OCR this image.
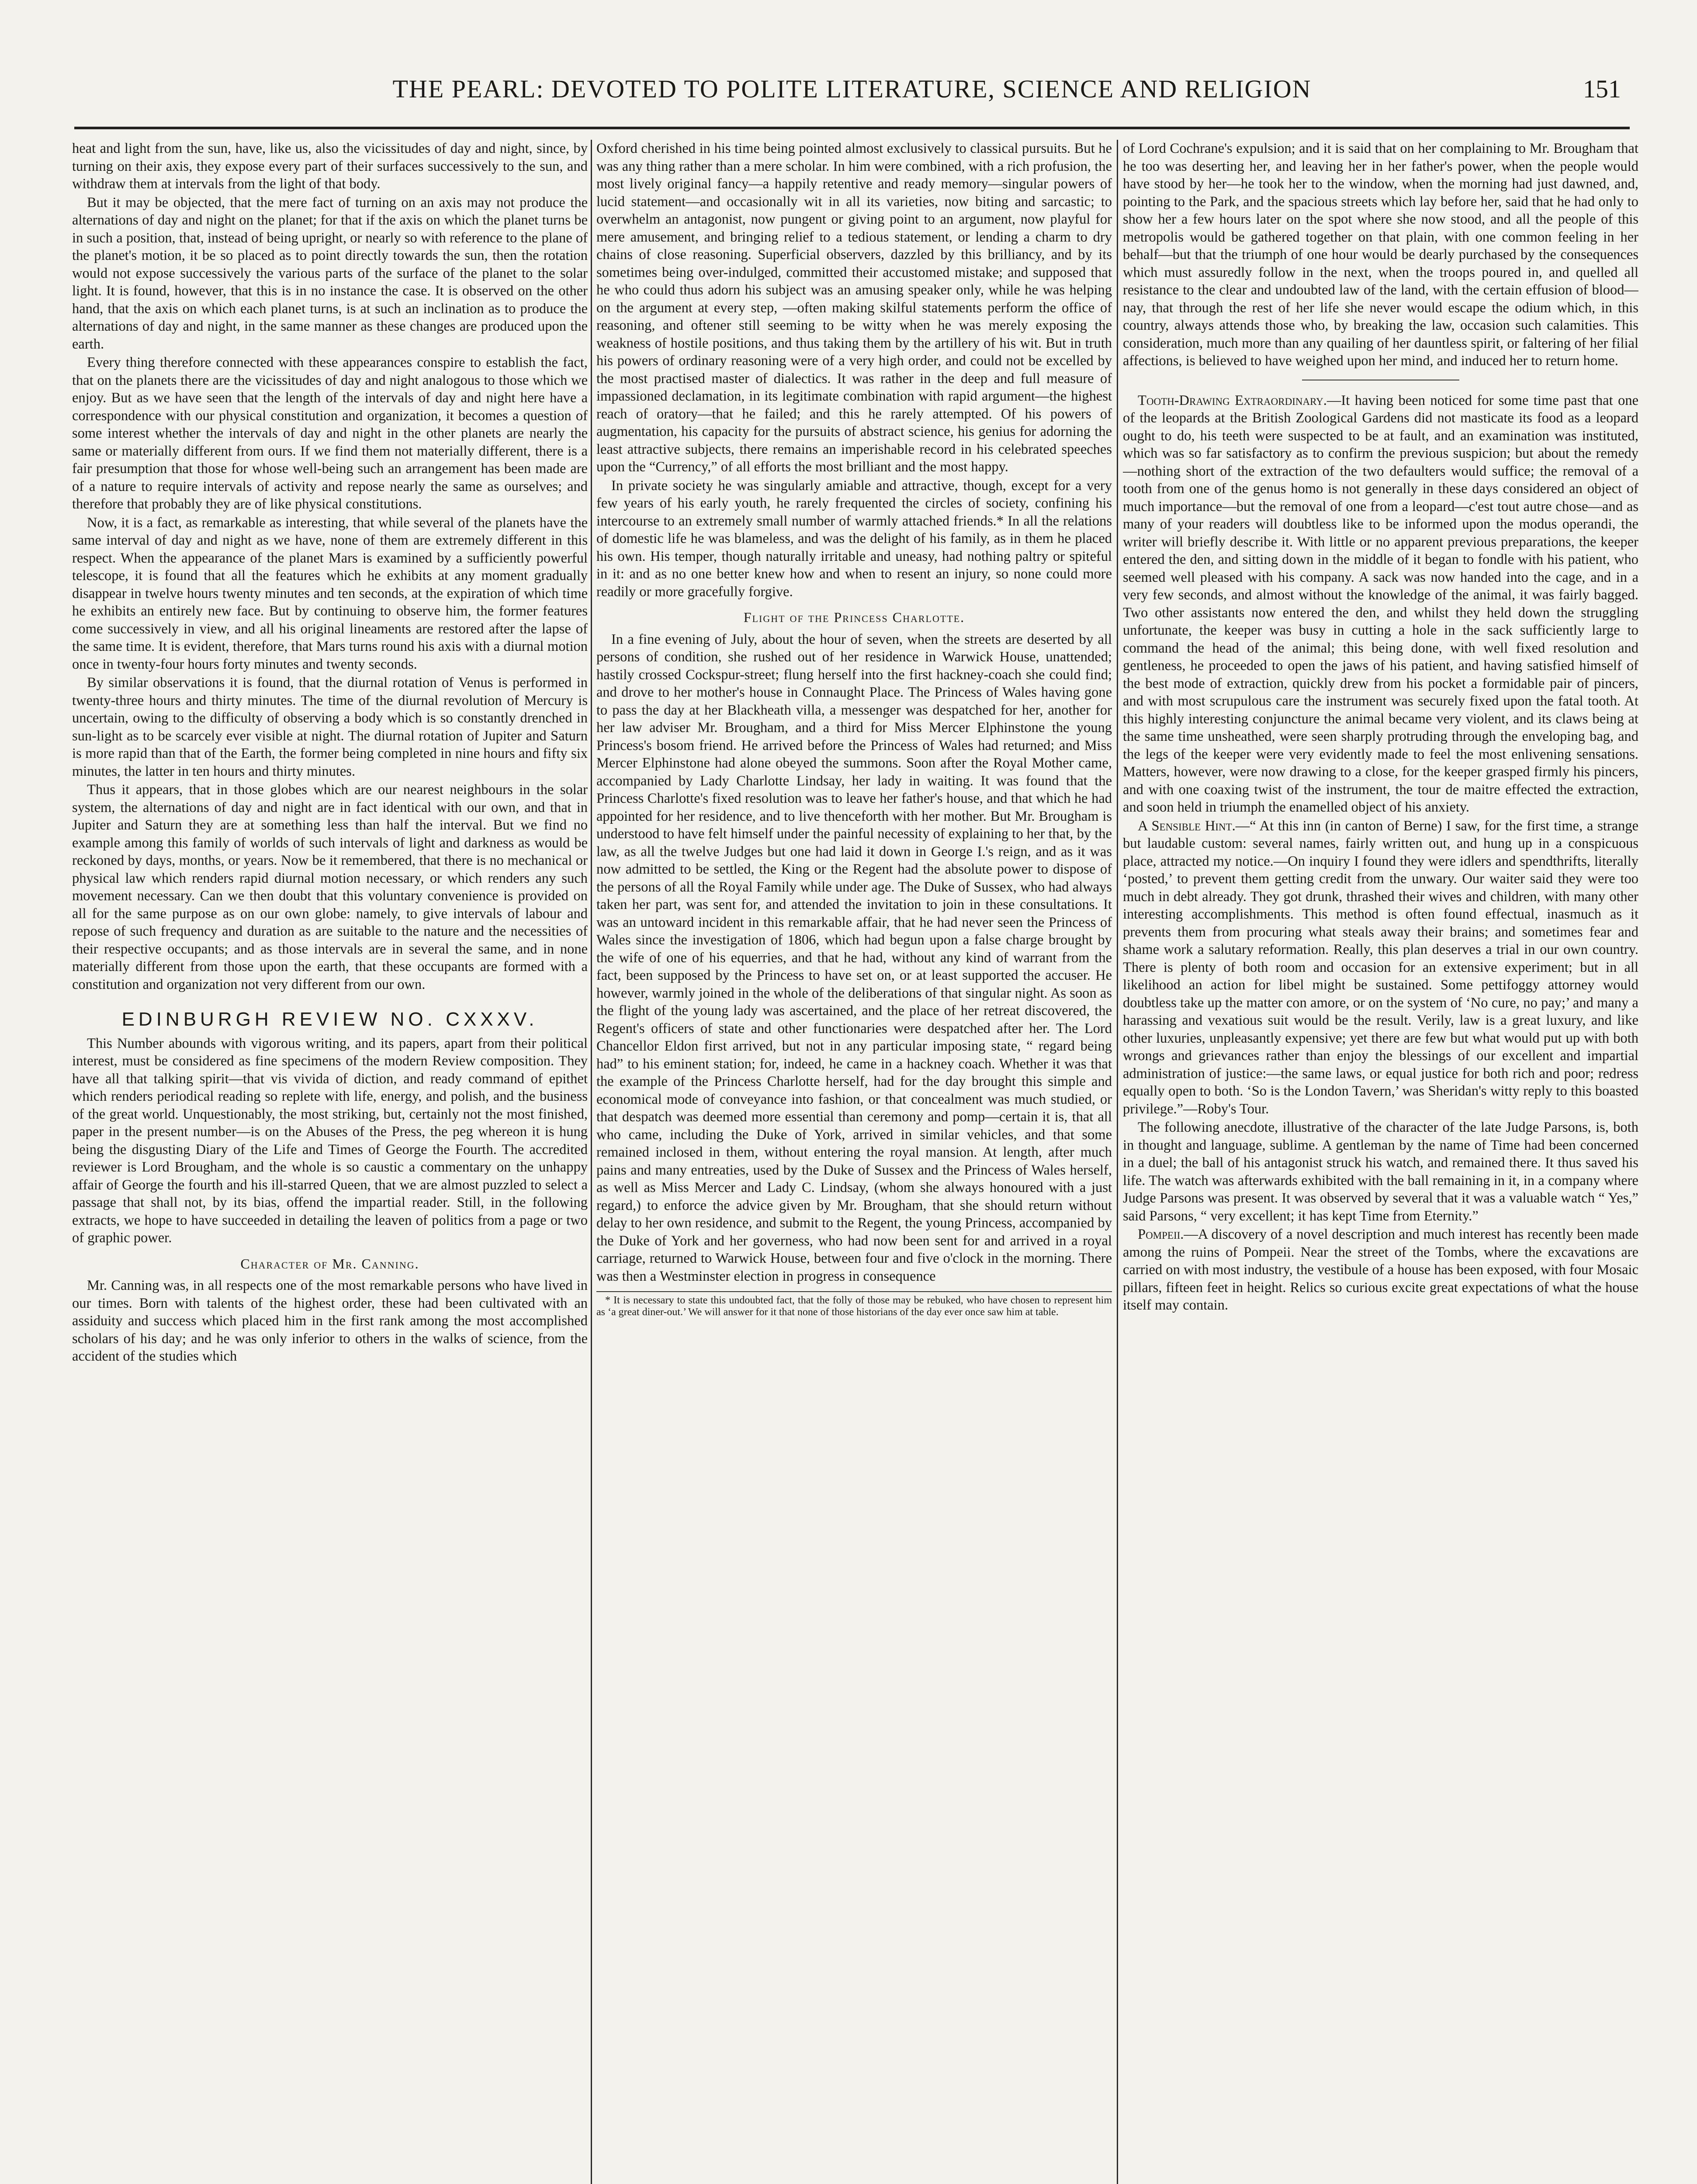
THE PEARL: DEVOTED TO POLITE LITERATURE, SCIENCE AND RELIGION	151

heat and light from the sun, have, like us, also the vicissitudes of day and night, since, by turning on their axis, they expose every part of their surfaces successively to the sun, and withdraw them at intervals from the light of that body.

But it may be objected, that the mere fact of turning on an axis may not produce the alternations of day and night on the planet; for that if the axis on which the planet turns be in such a position, that, instead of being upright, or nearly so with reference to the plane of the planet's motion, it be so placed as to point directly towards the sun, then the rotation would not expose successively the various parts of the surface of the planet to the solar light. It is found, however, that this is in no instance the case. It is observed on the other hand, that the axis on which each planet turns, is at such an inclination as to produce the alternations of day and night, in the same manner as these changes are produced upon the earth.

Every thing therefore connected with these appearances conspire to establish the fact, that on the planets there are the vicissitudes of day and night analogous to those which we enjoy. But as we have seen that the length of the intervals of day and night here have a correspondence with our physical constitution and organization, it becomes a question of some interest whether the intervals of day and night in the other planets are nearly the same or materially different from ours. If we find them not materially different, there is a fair presumption that those for whose well-being such an arrangement has been made are of a nature to require intervals of activity and repose nearly the same as ourselves; and therefore that probably they are of like physical constitutions.

Now, it is a fact, as remarkable as interesting, that while several of the planets have the same interval of day and night as we have, none of them are extremely different in this respect. When the appearance of the planet Mars is examined by a sufficiently powerful telescope, it is found that all the features which he exhibits at any moment gradually disappear in twelve hours twenty minutes and ten seconds, at the expiration of which time he exhibits an entirely new face. But by continuing to observe him, the former features come successively in view, and all his original lineaments are restored after the lapse of the same time. It is evident, therefore, that Mars turns round his axis with a diurnal motion once in twenty-four hours forty minutes and twenty seconds.

By similar observations it is found, that the diurnal rotation of Venus is performed in twenty-three hours and thirty minutes. The time of the diurnal revolution of Mercury is uncertain, owing to the difficulty of observing a body which is so constantly drenched in sun-light as to be scarcely ever visible at night. The diurnal rotation of Jupiter and Saturn is more rapid than that of the Earth, the former being completed in nine hours and fifty six minutes, the latter in ten hours and thirty minutes.

Thus it appears, that in those globes which are our nearest neighbours in the solar system, the alternations of day and night are in fact identical with our own, and that in Jupiter and Saturn they are at something less than half the interval. But we find no example among this family of worlds of such intervals of light and darkness as would be reckoned by days, months, or years. Now be it remembered, that there is no mechanical or physical law which renders rapid diurnal motion necessary, or which renders any such movement necessary. Can we then doubt that this voluntary convenience is provided on all for the same purpose as on our own globe: namely, to give intervals of labour and repose of such frequency and duration as are suitable to the nature and the necessities of their respective occupants; and as those intervals are in several the same, and in none materially different from those upon the earth, that these occupants are formed with a constitution and organization not very different from our own.

EDINBURGH REVIEW NO. CXXXV.

This Number abounds with vigorous writing, and its papers, apart from their political interest, must be considered as fine specimens of the modern Review composition. They have all that talking spirit—that vis vivida of diction, and ready command of epithet which renders periodical reading so replete with life, energy, and polish, and the business of the great world. Unquestionably, the most striking, but, certainly not the most finished, paper in the present number—is on the Abuses of the Press, the peg whereon it is hung being the disgusting Diary of the Life and Times of George the Fourth. The accredited reviewer is Lord Brougham, and the whole is so caustic a commentary on the unhappy affair of George the fourth and his ill-starred Queen, that we are almost puzzled to select a passage that shall not, by its bias, offend the impartial reader. Still, in the following extracts, we hope to have succeeded in detailing the leaven of politics from a page or two of graphic power.

Character of Mr. Canning.

Mr. Canning was, in all respects one of the most remarkable persons who have lived in our times. Born with talents of the highest order, these had been cultivated with an assiduity and success which placed him in the first rank among the most accomplished scholars of his day; and he was only inferior to others in the walks of science, from the accident of the studies which

Oxford cherished in his time being pointed almost exclusively to classical pursuits. But he was any thing rather than a mere scholar. In him were combined, with a rich profusion, the most lively original fancy—a happily retentive and ready memory—singular powers of lucid statement—and occasionally wit in all its varieties, now biting and sarcastic; to overwhelm an antagonist, now pungent or giving point to an argument, now playful for mere amusement, and bringing relief to a tedious statement, or lending a charm to dry chains of close reasoning. Superficial observers, dazzled by this brilliancy, and by its sometimes being over-indulged, committed their accustomed mistake; and supposed that he who could thus adorn his subject was an amusing speaker only, while he was helping on the argument at every step, —often making skilful statements perform the office of reasoning, and oftener still seeming to be witty when he was merely exposing the weakness of hostile positions, and thus taking them by the artillery of his wit. But in truth his powers of ordinary reasoning were of a very high order, and could not be excelled by the most practised master of dialectics. It was rather in the deep and full measure of impassioned declamation, in its legitimate combination with rapid argument—the highest reach of oratory—that he failed; and this he rarely attempted. Of his powers of augmentation, his capacity for the pursuits of abstract science, his genius for adorning the least attractive subjects, there remains an imperishable record in his celebrated speeches upon the “Currency,” of all efforts the most brilliant and the most happy.

In private society he was singularly amiable and attractive, though, except for a very few years of his early youth, he rarely frequented the circles of society, confining his intercourse to an extremely small number of warmly attached friends.* In all the relations of domestic life he was blameless, and was the delight of his family, as in them he placed his own. His temper, though naturally irritable and uneasy, had nothing paltry or spiteful in it: and as no one better knew how and when to resent an injury, so none could more readily or more gracefully forgive.

Flight of the Princess Charlotte.

In a fine evening of July, about the hour of seven, when the streets are deserted by all persons of condition, she rushed out of her residence in Warwick House, unattended; hastily crossed Cockspur-street; flung herself into the first hackney-coach she could find; and drove to her mother's house in Connaught Place. The Princess of Wales having gone to pass the day at her Blackheath villa, a messenger was despatched for her, another for her law adviser Mr. Brougham, and a third for Miss Mercer Elphinstone the young Princess's bosom friend. He arrived before the Princess of Wales had returned; and Miss Mercer Elphinstone had alone obeyed the summons. Soon after the Royal Mother came, accompanied by Lady Charlotte Lindsay, her lady in waiting. It was found that the Princess Charlotte's fixed resolution was to leave her father's house, and that which he had appointed for her residence, and to live thenceforth with her mother. But Mr. Brougham is understood to have felt himself under the painful necessity of explaining to her that, by the law, as all the twelve Judges but one had laid it down in George I.'s reign, and as it was now admitted to be settled, the King or the Regent had the absolute power to dispose of the persons of all the Royal Family while under age. The Duke of Sussex, who had always taken her part, was sent for, and attended the invitation to join in these consultations. It was an untoward incident in this remarkable affair, that he had never seen the Princess of Wales since the investigation of 1806, which had begun upon a false charge brought by the wife of one of his equerries, and that he had, without any kind of warrant from the fact, been supposed by the Princess to have set on, or at least supported the accuser. He however, warmly joined in the whole of the deliberations of that singular night. As soon as the flight of the young lady was ascertained, and the place of her retreat discovered, the Regent's officers of state and other functionaries were despatched after her. The Lord Chancellor Eldon first arrived, but not in any particular imposing state, “ regard being had” to his eminent station; for, indeed, he came in a hackney coach. Whether it was that the example of the Princess Charlotte herself, had for the day brought this simple and economical mode of conveyance into fashion, or that concealment was much studied, or that despatch was deemed more essential than ceremony and pomp—certain it is, that all who came, including the Duke of York, arrived in similar vehicles, and that some remained inclosed in them, without entering the royal mansion. At length, after much pains and many entreaties, used by the Duke of Sussex and the Princess of Wales herself, as well as Miss Mercer and Lady C. Lindsay, (whom she always honoured with a just regard,) to enforce the advice given by Mr. Brougham, that she should return without delay to her own residence, and submit to the Regent, the young Princess, accompanied by the Duke of York and her governess, who had now been sent for and arrived in a royal carriage, returned to Warwick House, between four and five o'clock in the morning. There was then a Westminster election in progress in consequence

* It is necessary to state this undoubted fact, that the folly of those may be rebuked, who have chosen to represent him as ‘a great diner-out.’ We will answer for it that none of those historians of the day ever once saw him at table.

of Lord Cochrane's expulsion; and it is said that on her complaining to Mr. Brougham that he too was deserting her, and leaving her in her father's power, when the people would have stood by her—he took her to the window, when the morning had just dawned, and, pointing to the Park, and the spacious streets which lay before her, said that he had only to show her a few hours later on the spot where she now stood, and all the people of this metropolis would be gathered together on that plain, with one common feeling in her behalf—but that the triumph of one hour would be dearly purchased by the consequences which must assuredly follow in the next, when the troops poured in, and quelled all resistance to the clear and undoubted law of the land, with the certain effusion of blood—nay, that through the rest of her life she never would escape the odium which, in this country, always attends those who, by breaking the law, occasion such calamities. This consideration, much more than any quailing of her dauntless spirit, or faltering of her filial affections, is believed to have weighed upon her mind, and induced her to return home.

Tooth-Drawing Extraordinary.—It having been noticed for some time past that one of the leopards at the British Zoological Gardens did not masticate its food as a leopard ought to do, his teeth were suspected to be at fault, and an examination was instituted, which was so far satisfactory as to confirm the previous suspicion; but about the remedy—nothing short of the extraction of the two defaulters would suffice; the removal of a tooth from one of the genus homo is not generally in these days considered an object of much importance—but the removal of one from a leopard—c'est tout autre chose—and as many of your readers will doubtless like to be informed upon the modus operandi, the writer will briefly describe it. With little or no apparent previous preparations, the keeper entered the den, and sitting down in the middle of it began to fondle with his patient, who seemed well pleased with his company. A sack was now handed into the cage, and in a very few seconds, and almost without the knowledge of the animal, it was fairly bagged. Two other assistants now entered the den, and whilst they held down the struggling unfortunate, the keeper was busy in cutting a hole in the sack sufficiently large to command the head of the animal; this being done, with well fixed resolution and gentleness, he proceeded to open the jaws of his patient, and having satisfied himself of the best mode of extraction, quickly drew from his pocket a formidable pair of pincers, and with most scrupulous care the instrument was securely fixed upon the fatal tooth. At this highly interesting conjuncture the animal became very violent, and its claws being at the same time unsheathed, were seen sharply protruding through the enveloping bag, and the legs of the keeper were very evidently made to feel the most enlivening sensations. Matters, however, were now drawing to a close, for the keeper grasped firmly his pincers, and with one coaxing twist of the instrument, the tour de maitre effected the extraction, and soon held in triumph the enamelled object of his anxiety.

A Sensible Hint.—“ At this inn (in canton of Berne) I saw, for the first time, a strange but laudable custom: several names, fairly written out, and hung up in a conspicuous place, attracted my notice.—On inquiry I found they were idlers and spendthrifts, literally ‘posted,’ to prevent them getting credit from the unwary. Our waiter said they were too much in debt already. They got drunk, thrashed their wives and children, with many other interesting accomplishments. This method is often found effectual, inasmuch as it prevents them from procuring what steals away their brains; and sometimes fear and shame work a salutary reformation. Really, this plan deserves a trial in our own country. There is plenty of both room and occasion for an extensive experiment; but in all likelihood an action for libel might be sustained. Some pettifoggy attorney would doubtless take up the matter con amore, or on the system of ‘No cure, no pay;’ and many a harassing and vexatious suit would be the result. Verily, law is a great luxury, and like other luxuries, unpleasantly expensive; yet there are few but what would put up with both wrongs and grievances rather than enjoy the blessings of our excellent and impartial administration of justice:—the same laws, or equal justice for both rich and poor; redress equally open to both. ‘So is the London Tavern,’ was Sheridan's witty reply to this boasted privilege.”—Roby's Tour.

The following anecdote, illustrative of the character of the late Judge Parsons, is, both in thought and language, sublime. A gentleman by the name of Time had been concerned in a duel; the ball of his antagonist struck his watch, and remained there. It thus saved his life. The watch was afterwards exhibited with the ball remaining in it, in a company where Judge Parsons was present. It was observed by several that it was a valuable watch “ Yes,” said Parsons, “ very excellent; it has kept Time from Eternity.”

Pompeii.—A discovery of a novel description and much interest has recently been made among the ruins of Pompeii. Near the street of the Tombs, where the excavations are carried on with most industry, the vestibule of a house has been exposed, with four Mosaic pillars, fifteen feet in height. Relics so curious excite great expectations of what the house itself may contain.
